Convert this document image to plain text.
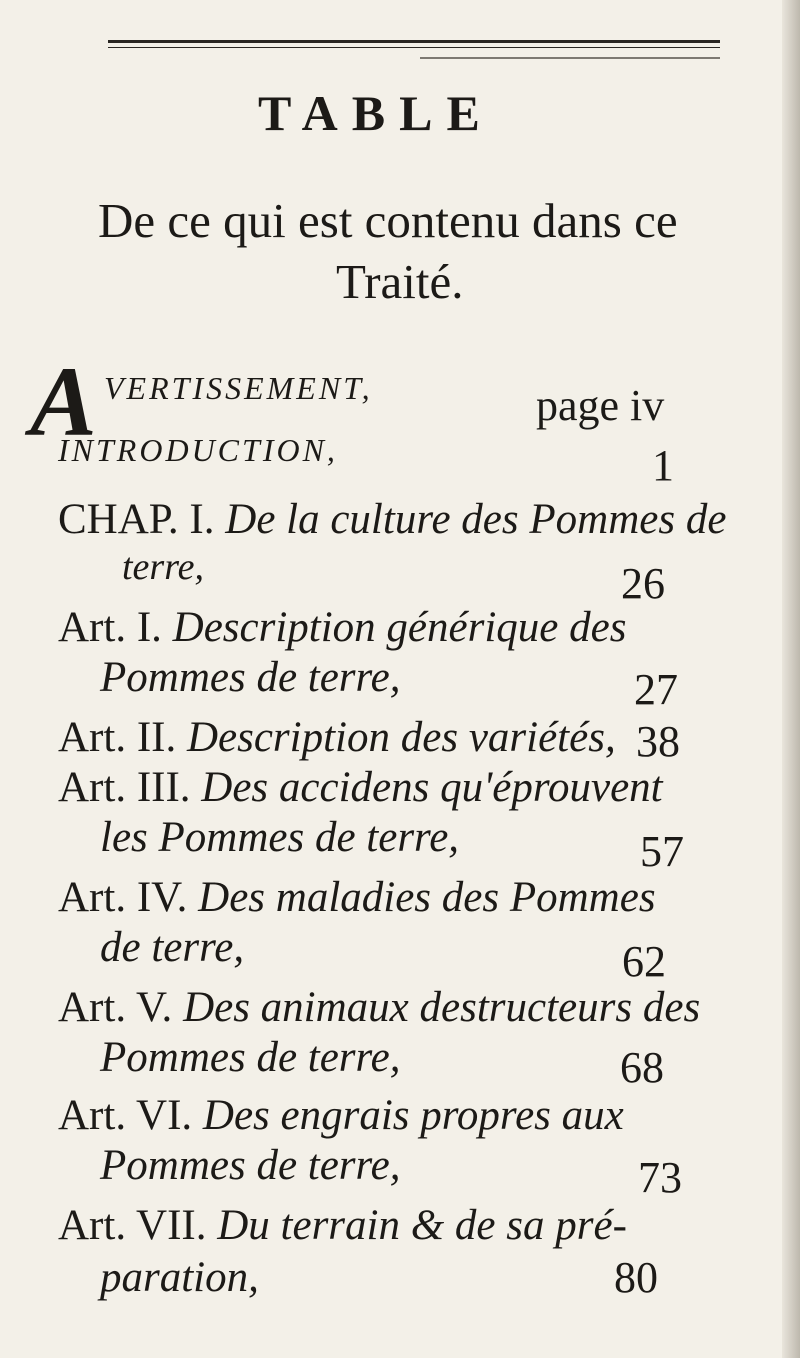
TABLE
De ce qui est contenu dans ce
Traité.
A VERTISSEMENT,	page iv
INTRODUCTION,	1
CHAP. I. De la culture des Pommes de
terre,	26
Art. I. Description générique des
Pommes de terre,	27
Art. II. Description des variétés, 38
Art. III. Des accidens qu'éprouvent
les Pommes de terre,	57
Art. IV. Des maladies des Pommes
de terre,	62
Art. V. Des animaux destructeurs des
Pommes de terre,	68
Art. VI. Des engrais propres aux
Pommes de terre,	73
Art. VII. Du terrain & de sa pré-
paration,	80
